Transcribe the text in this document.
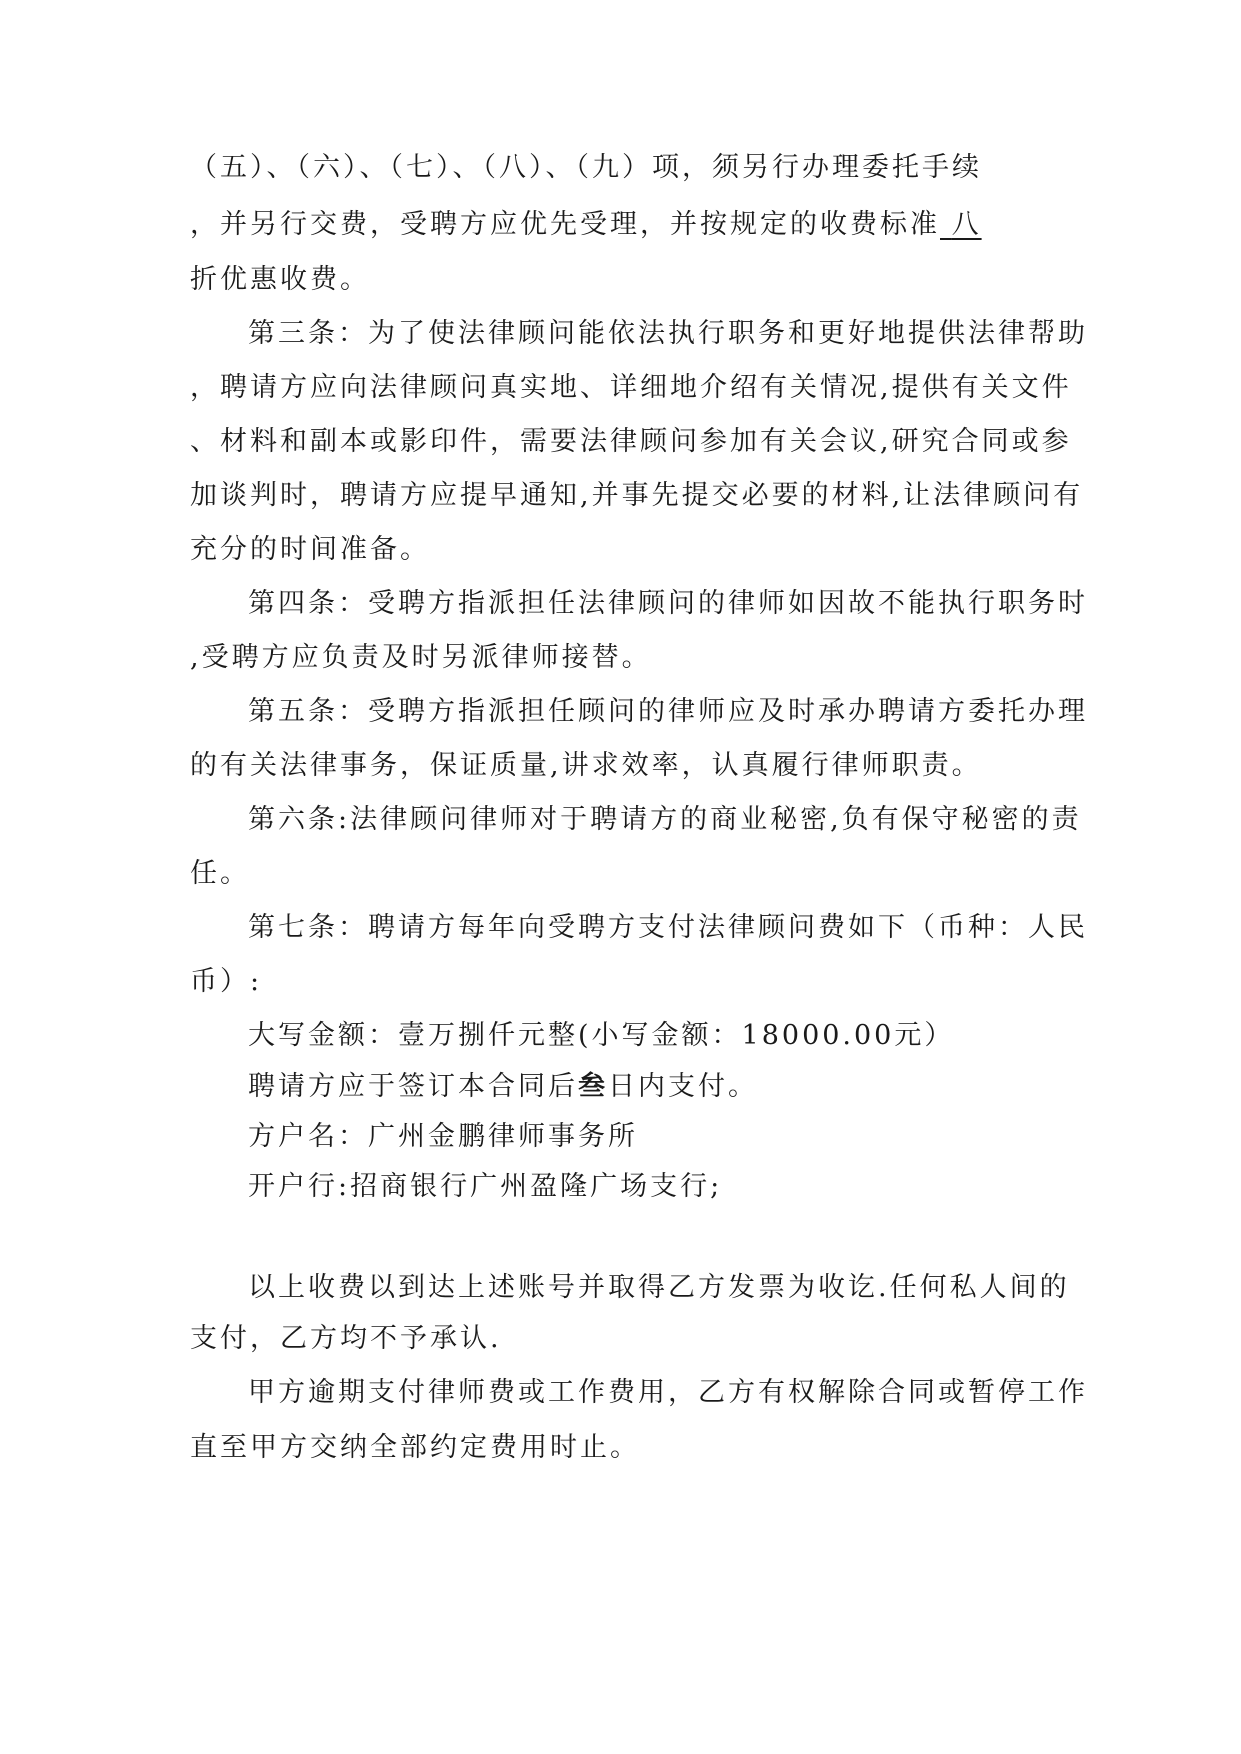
（五）、（六）、（七）、（八）、（九）项，须另行办理委托手续
，并另行交费，受聘方应优先受理，并按规定的收费标准 八
折优惠收费。
第三条：为了使法律顾问能依法执行职务和更好地提供法律帮助
，聘请方应向法律顾问真实地、详细地介绍有关情况,提供有关文件
、材料和副本或影印件，需要法律顾问参加有关会议,研究合同或参
加谈判时，聘请方应提早通知,并事先提交必要的材料,让法律顾问有
充分的时间准备。
第四条：受聘方指派担任法律顾问的律师如因故不能执行职务时
,受聘方应负责及时另派律师接替。
第五条：受聘方指派担任顾问的律师应及时承办聘请方委托办理
的有关法律事务，保证质量,讲求效率，认真履行律师职责。
第六条:法律顾问律师对于聘请方的商业秘密,负有保守秘密的责
任。
第七条：聘请方每年向受聘方支付法律顾问费如下（币种：人民
币）:
大写金额：壹万捌仟元整(小写金额：18000.00元）
聘请方应于签订本合同后叁日内支付。
方户名：广州金鹏律师事务所
开户行:招商银行广州盈隆广场支行;
以上收费以到达上述账号并取得乙方发票为收讫.任何私人间的
支付，乙方均不予承认.
甲方逾期支付律师费或工作费用，乙方有权解除合同或暂停工作
直至甲方交纳全部约定费用时止。
